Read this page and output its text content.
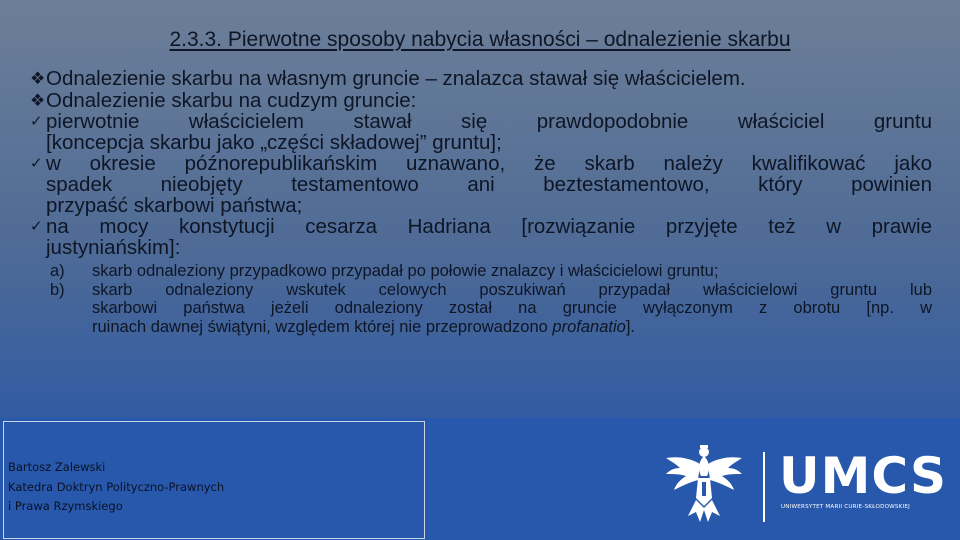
2.3.3. Pierwotne sposoby nabycia własności – odnalezienie skarbu
❖ Odnalezienie skarbu na własnym gruncie – znalazca stawał się właścicielem.
❖ Odnalezienie skarbu na cudzym gruncie:
✓ pierwotnie właścicielem stawał się prawdopodobnie właściciel gruntu
[koncepcja skarbu jako „części składowej” gruntu];
✓ w okresie późnorepublikańskim uznawano, że skarb należy kwalifikować jako
spadek nieobjęty testamentowo ani beztestamentowo, który powinien
przypaść skarbowi państwa;
✓ na mocy konstytucji cesarza Hadriana [rozwiązanie przyjęte też w prawie
justyniańskim]:
a)	skarb odnaleziony przypadkowo przypadał po połowie znalazcy i właścicielowi gruntu;
b)	skarb odnaleziony wskutek celowych poszukiwań przypadał właścicielowi gruntu lub
skarbowi państwa jeżeli odnaleziony został na gruncie wyłączonym z obrotu [np. w
ruinach dawnej świątyni, względem której nie przeprowadzono profanatio].
Bartosz Zalewski
Katedra Doktryn Polityczno-Prawnych
i Prawa Rzymskiego
UMCS
UNIWERSYTET MARII CURIE-SKŁODOWSKIEJ
